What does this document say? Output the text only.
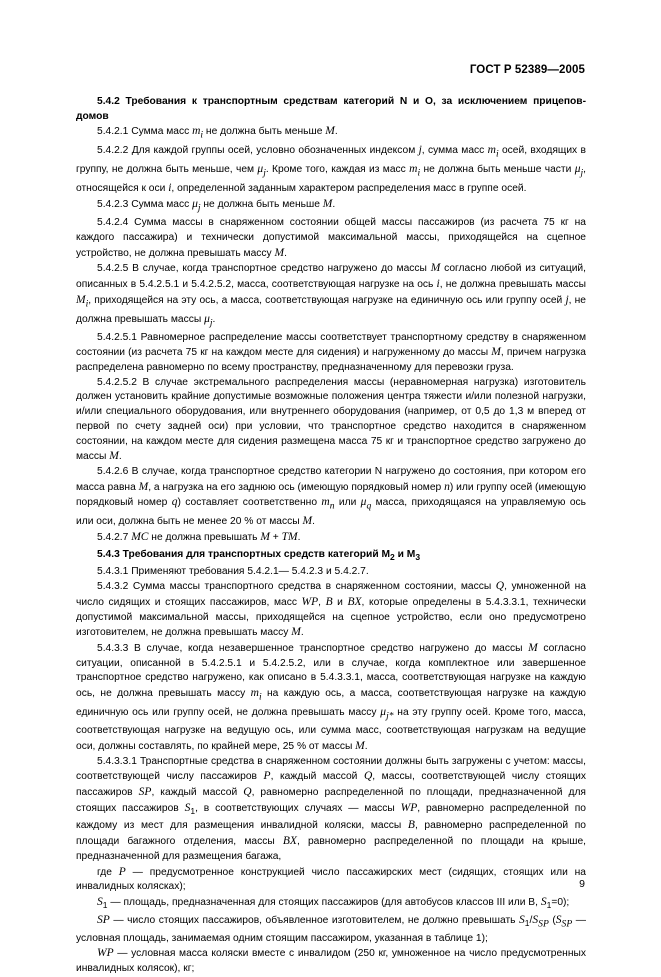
ГОСТ Р 52389—2005

5.4.2 Требования к транспортным средствам категорий N и O, за исключением прицепов-домов

5.4.2.1 Сумма масс $m_i$ не должна быть меньше M.

5.4.2.2 Для каждой группы осей, условно обозначенных индексом j, сумма масс $m_i$ осей, входящих в группу, не должна быть меньше, чем $\mu_j$. Кроме того, каждая из масс $m_i$ не должна быть меньше части $\mu_j$, относящейся к оси i, определенной заданным характером распределения масс в группе осей.

5.4.2.3 Сумма масс $\mu_j$ не должна быть меньше M.

5.4.2.4 Сумма массы в снаряженном состоянии общей массы пассажиров (из расчета 75 кг на каждого пассажира) и технически допустимой максимальной массы, приходящейся на сцепное устройство, не должна превышать массу M.

5.4.2.5 В случае, когда транспортное средство нагружено до массы M согласно любой из ситуаций, описанных в 5.4.2.5.1 и 5.4.2.5.2, масса, соответствующая нагрузке на ось i, не должна превышать массы $M_i$, приходящейся на эту ось, а масса, соответствующая нагрузке на единичную ось или группу осей j, не должна превышать массы $\mu_j$.

5.4.2.5.1 Равномерное распределение массы соответствует транспортному средству в снаряженном состоянии (из расчета 75 кг на каждом месте для сидения) и нагруженному до массы M, причем нагрузка распределена равномерно по всему пространству, предназначенному для перевозки груза.

5.4.2.5.2 В случае экстремального распределения массы (неравномерная нагрузка) изготовитель должен установить крайние допустимые возможные положения центра тяжести и/или полезной нагрузки, и/или специального оборудования, или внутреннего оборудования (например, от 0,5 до 1,3 м вперед от первой по счету задней оси) при условии, что транспортное средство находится в снаряженном состоянии, на каждом месте для сидения размещена масса 75 кг и транспортное средство загружено до массы M.

5.4.2.6 В случае, когда транспортное средство категории N нагружено до состояния, при котором его масса равна M, а нагрузка на его заднюю ось (имеющую порядковый номер n) или группу осей (имеющую порядковый номер q) составляет соответственно $m_n$ или $\mu_q$ масса, приходящаяся на управляемую ось или оси, должна быть не менее 20 % от массы M.

5.4.2.7 MC не должна превышать M + TM.

5.4.3 Требования для транспортных средств категорий $M_2$ и $M_3$

5.4.3.1 Применяют требования 5.4.2.1— 5.4.2.3 и 5.4.2.7.

5.4.3.2 Сумма массы транспортного средства в снаряженном состоянии, массы Q, умноженной на число сидящих и стоящих пассажиров, масс WP, B и BX, которые определены в 5.4.3.3.1, технически допустимой максимальной массы, приходящейся на сцепное устройство, если оно предусмотрено изготовителем, не должна превышать массу M.

5.4.3.3 В случае, когда незавершенное транспортное средство нагружено до массы M согласно ситуации, описанной в 5.4.2.5.1 и 5.4.2.5.2, или в случае, когда комплектное или завершенное транспортное средство нагружено, как описано в 5.4.3.3.1, масса, соответствующая нагрузке на каждую ось, не должна превышать массу $m_i$ на каждую ось, а масса, соответствующая нагрузке на каждую единичную ось или группу осей, не должна превышать массу $\mu_{j*}$ на эту группу осей. Кроме того, масса, соответствующая нагрузке на ведущую ось, или сумма масс, соответствующая нагрузкам на ведущие оси, должны составлять, по крайней мере, 25 % от массы M.

5.4.3.3.1 Транспортные средства в снаряженном состоянии должны быть загружены с учетом: массы, соответствующей числу пассажиров P, каждый массой Q, массы, соответствующей числу стоящих пассажиров SP, каждый массой Q, равномерно распределенной по площади, предназначенной для стоящих пассажиров $S_1$, в соответствующих случаях — массы WP, равномерно распределенной по каждому из мест для размещения инвалидной коляски, массы B, равномерно распределенной по площади багажного отделения, массы BX, равномерно распределенной по площади на крыше, предназначенной для размещения багажа,

где P — предусмотренное конструкцией число пассажирских мест (сидящих, стоящих или на инвалидных колясках);

$S_1$ — площадь, предназначенная для стоящих пассажиров (для автобусов классов III или B, $S_1=0$);

SP — число стоящих пассажиров, объявленное изготовителем, не должно превышать $S_1/S_{SP}$ ($S_{SP}$ — условная площадь, занимаемая одним стоящим пассажиром, указанная в таблице 1);

WP — условная масса коляски вместе с инвалидом (250 кг, умноженное на число предусмотренных инвалидных колясок), кг;

9
